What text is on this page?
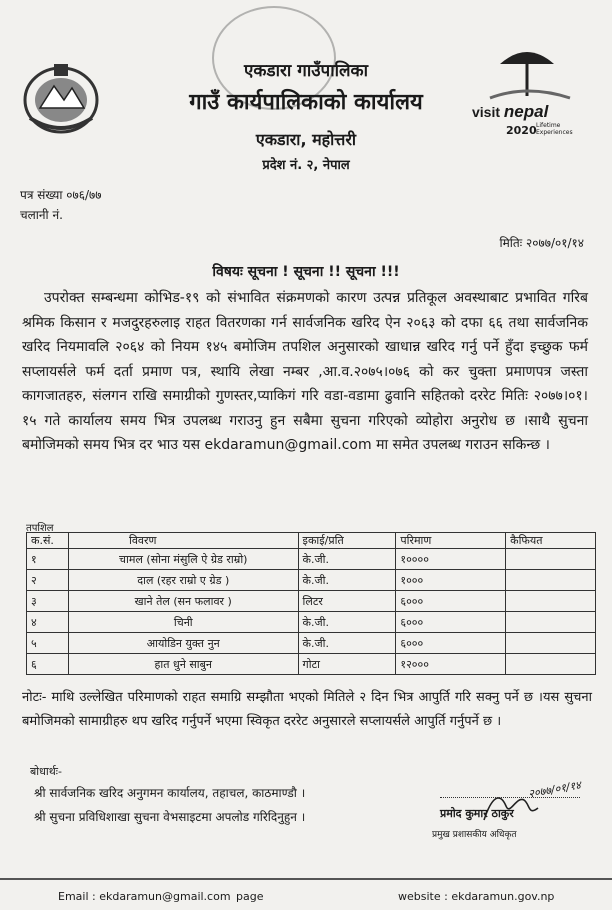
एकडारा गाउँपालिका
गाउँ कार्यपालिकाको कार्यालय
एकडारा, महोत्तरी
प्रदेश नं. २, नेपाल
visit nepal
2020 Lifetime
Experiences
पत्र संख्या ०७६/७७
चलानी नं.
मितिः २०७७/०१/१४
विषयः सूचना ! सूचना !! सूचना !!!
उपरोक्त सम्बन्धमा कोभिड-१९ को संभावित संक्रमणको कारण उत्पन्न प्रतिकूल अवस्थाबाट प्रभावित गरिब श्रमिक किसान र मजदुरहरुलाइ राहत वितरणका गर्न सार्वजनिक खरिद ऐन २०६३ को दफा ६६ तथा सार्वजनिक खरिद नियमावलि २०६४ को नियम १४५ बमोजिम तपशिल अनुसारको खाधान्न खरिद गर्नु पर्ने हुँदा इच्छुक फर्म सप्लायर्सले फर्म दर्ता प्रमाण पत्र, स्थायि लेखा नम्बर ,आ.व.२०७५।०७६ को कर चुक्ता प्रमाणपत्र जस्ता कागजातहरु, संलगन राखि समाग्रीको गुणस्तर,प्याकिगं गरि वडा-वडामा ढुवानि सहितको दररेट मितिः २०७७।०१।१५ गते कार्यालय समय भित्र उपलब्ध गराउनु हुन सबैमा सुचना गरिएको व्योहोरा अनुरोध छ ।साथै सुचना बमोजिमको समय भित्र दर भाउ यस ekdaramun@gmail.com मा समेत उपलब्ध गराउन सकिन्छ ।
तपशिल
क.सं.	विवरण	इकाई/प्रति	परिमाण	कैफियत
१	चामल (सोना मंसुलि ऐ ग्रेड राम्रो)	के.जी.	१००००	
२	दाल (रहर राम्रो ए ग्रेड )	के.जी.	१०००	
३	खाने तेल (सन फलावर )	लिटर	६०००	
४	चिनी	के.जी.	६०००	
५	आयोडिन युक्त नुन	के.जी.	६०००	
६	हात धुने साबुन	गोटा	१२०००	
नोटः- माथि उल्लेखित परिमाणको राहत समाग्रि सम्झौता भएको मितिले २ दिन भित्र आपुर्ति गरि सक्नु पर्ने छ ।यस सुचना बमोजिमको सामाग्रीहरु थप खरिद गर्नुपर्ने भएमा स्विकृत दररेट अनुसारले सप्लायर्सले आपुर्ति गर्नुपर्ने छ ।
बोधार्थः-
श्री सार्वजनिक खरिद अनुगमन कार्यालय, तहाचल, काठमाण्डौ ।
श्री सुचना प्रविधिशाखा सुचना वेभसाइटमा अपलोड गरिदिनुहुन ।
२०७७/०१/१४
प्रमोद कुमार ठाकुर
प्रमुख प्रशासकीय अधिकृत
Email : ekdaramun@gmail.com page	website : ekdaramun.gov.np
